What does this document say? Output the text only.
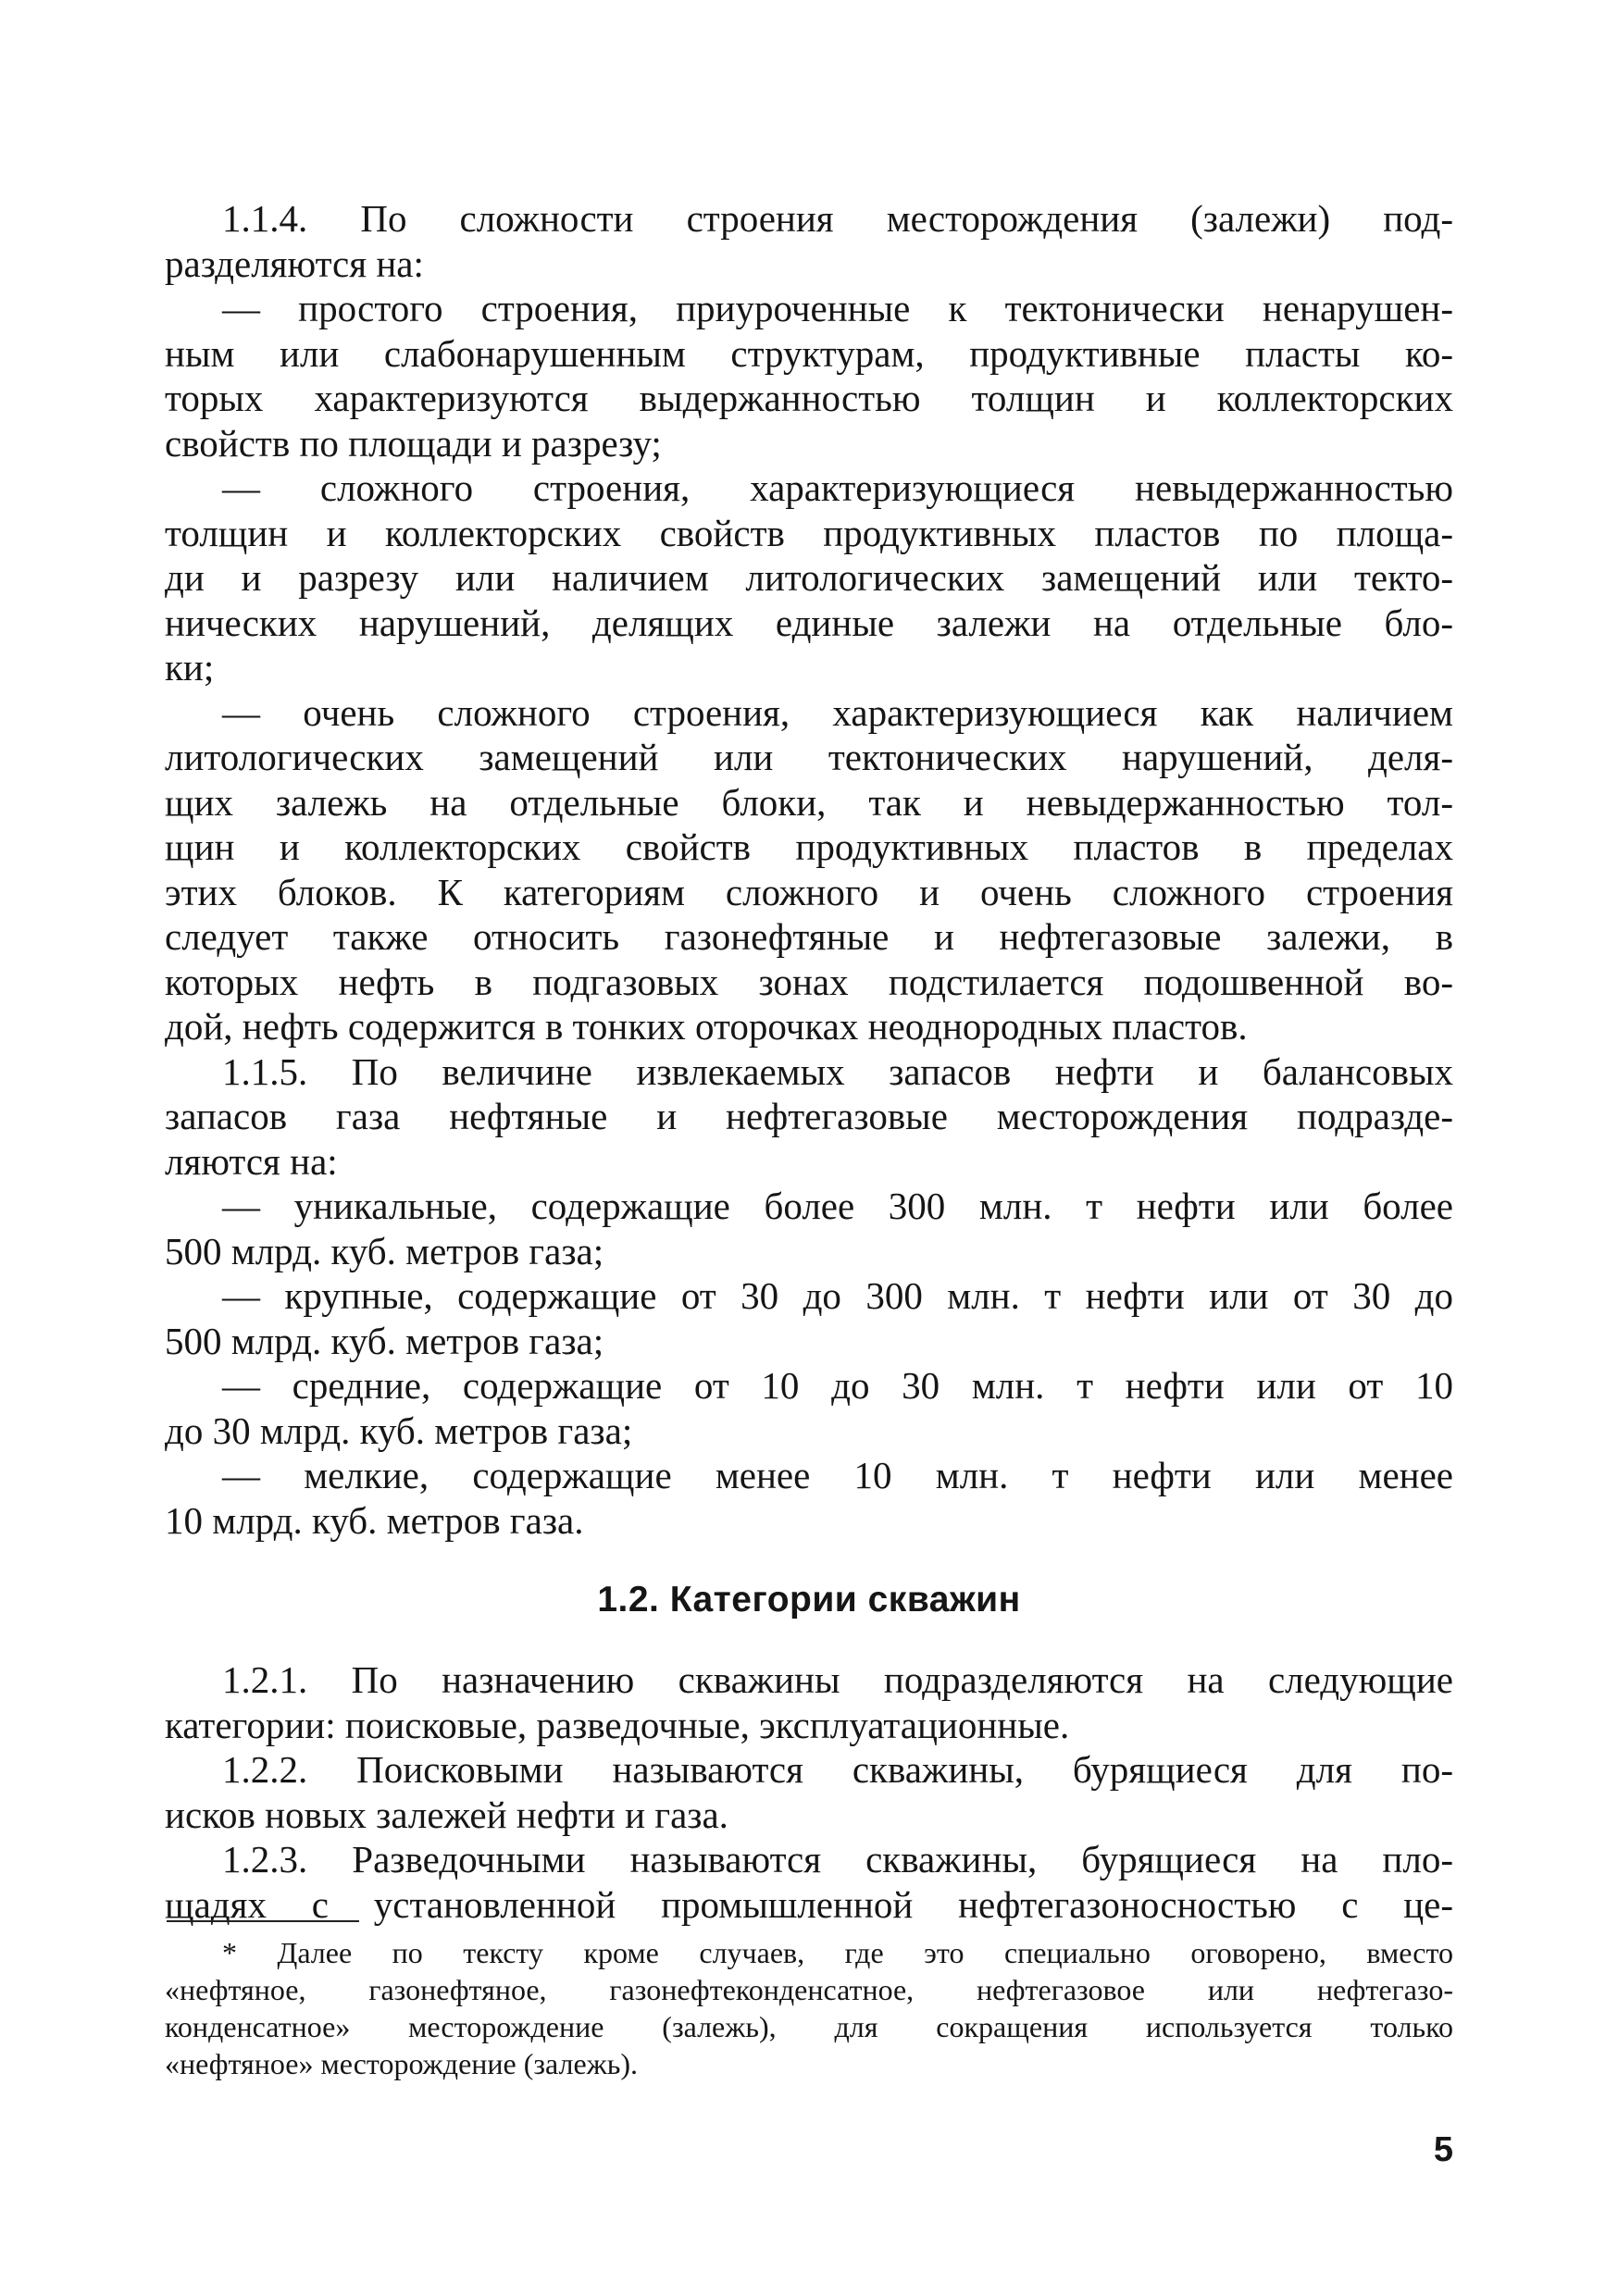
1.1.4. По сложности строения месторождения (залежи) под-
разделяются на:
— простого строения, приуроченные к тектонически ненарушен-
ным или слабонарушенным структурам, продуктивные пласты ко-
торых характеризуются выдержанностью толщин и коллекторских
свойств по площади и разрезу;
— сложного строения, характеризующиеся невыдержанностью
толщин и коллекторских свойств продуктивных пластов по площа-
ди и разрезу или наличием литологических замещений или текто-
нических нарушений, делящих единые залежи на отдельные бло-
ки;
— очень сложного строения, характеризующиеся как наличием
литологических замещений или тектонических нарушений, деля-
щих залежь на отдельные блоки, так и невыдержанностью тол-
щин и коллекторских свойств продуктивных пластов в пределах
этих блоков. К категориям сложного и очень сложного строения
следует также относить газонефтяные и нефтегазовые залежи, в
которых нефть в подгазовых зонах подстилается подошвенной во-
дой, нефть содержится в тонких оторочках неоднородных пластов.
1.1.5. По величине извлекаемых запасов нефти и балансовых
запасов газа нефтяные и нефтегазовые месторождения подразде-
ляются на:
— уникальные, содержащие более 300 млн. т нефти или более
500 млрд. куб. метров газа;
— крупные, содержащие от 30 до 300 млн. т нефти или от 30 до
500 млрд. куб. метров газа;
— средние, содержащие от 10 до 30 млн. т нефти или от 10
до 30 млрд. куб. метров газа;
— мелкие, содержащие менее 10 млн. т нефти или менее
10 млрд. куб. метров газа.
1.2. Категории скважин
1.2.1. По назначению скважины подразделяются на следующие
категории: поисковые, разведочные, эксплуатационные.
1.2.2. Поисковыми называются скважины, бурящиеся для по-
исков новых залежей нефти и газа.
1.2.3. Разведочными называются скважины, бурящиеся на пло-
щадях с установленной промышленной нефтегазоносностью с це-
* Далее по тексту кроме случаев, где это специально оговорено, вместо
«нефтяное, газонефтяное, газонефтеконденсатное, нефтегазовое или нефтегазо-
конденсатное» месторождение (залежь), для сокращения используется только
«нефтяное» месторождение (залежь).
5
